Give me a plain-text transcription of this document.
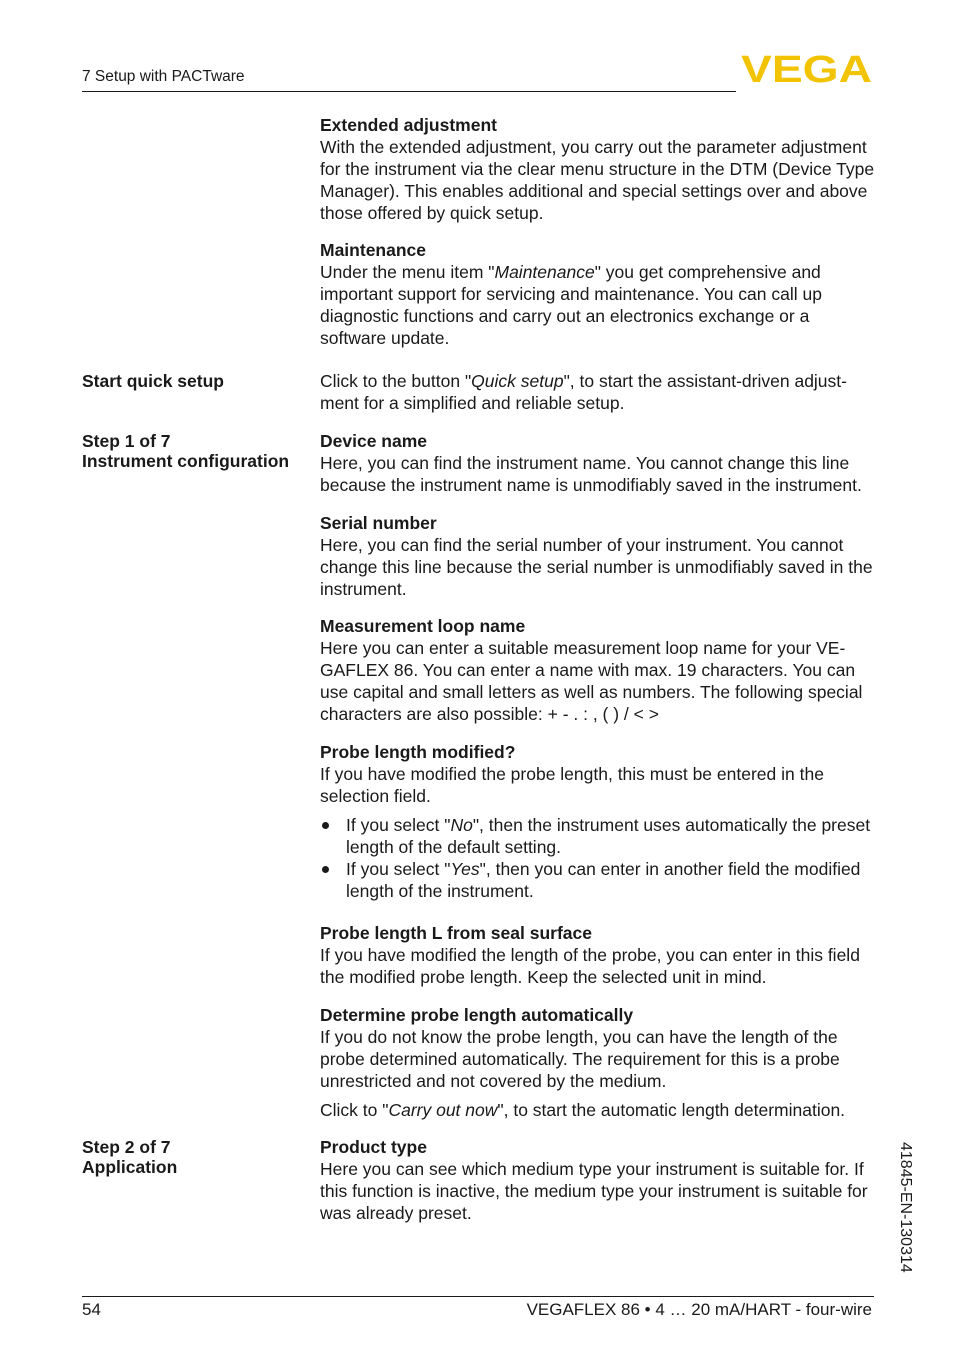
7 Setup with PACTware	VEGA

Extended adjustment

With the extended adjustment, you carry out the parameter adjustment for the instrument via the clear menu structure in the DTM (Device Type Manager). This enables additional and special settings over and above those offered by quick setup.

Maintenance

Under the menu item "Maintenance" you get comprehensive and important support for servicing and maintenance. You can call up diagnostic functions and carry out an electronics exchange or a software update.

Start quick setup	Click to the button "Quick setup", to start the assistant-driven adjustment for a simplified and reliable setup.

Step 1 of 7
Instrument configuration

Device name

Here, you can find the instrument name. You cannot change this line because the instrument name is unmodifiably saved in the instrument.

Serial number

Here, you can find the serial number of your instrument. You cannot change this line because the serial number is unmodifiably saved in the instrument.

Measurement loop name

Here you can enter a suitable measurement loop name for your VEGAFLEX 86. You can enter a name with max. 19 characters. You can use capital and small letters as well as numbers. The following special characters are also possible: + - . : , ( ) / < >

Probe length modified?

If you have modified the probe length, this must be entered in the selection field.

If you select "No", then the instrument uses automatically the preset length of the default setting.
If you select "Yes", then you can enter in another field the modified length of the instrument.

Probe length L from seal surface

If you have modified the length of the probe, you can enter in this field the modified probe length. Keep the selected unit in mind.

Determine probe length automatically

If you do not know the probe length, you can have the length of the probe determined automatically. The requirement for this is a probe unrestricted and not covered by the medium.

Click to "Carry out now", to start the automatic length determination.

Step 2 of 7
Application

Product type

Here you can see which medium type your instrument is suitable for. If this function is inactive, the medium type your instrument is suitable for was already preset.	41845-EN-130314
54	VEGAFLEX 86 • 4 … 20 mA/HART - four-wire
